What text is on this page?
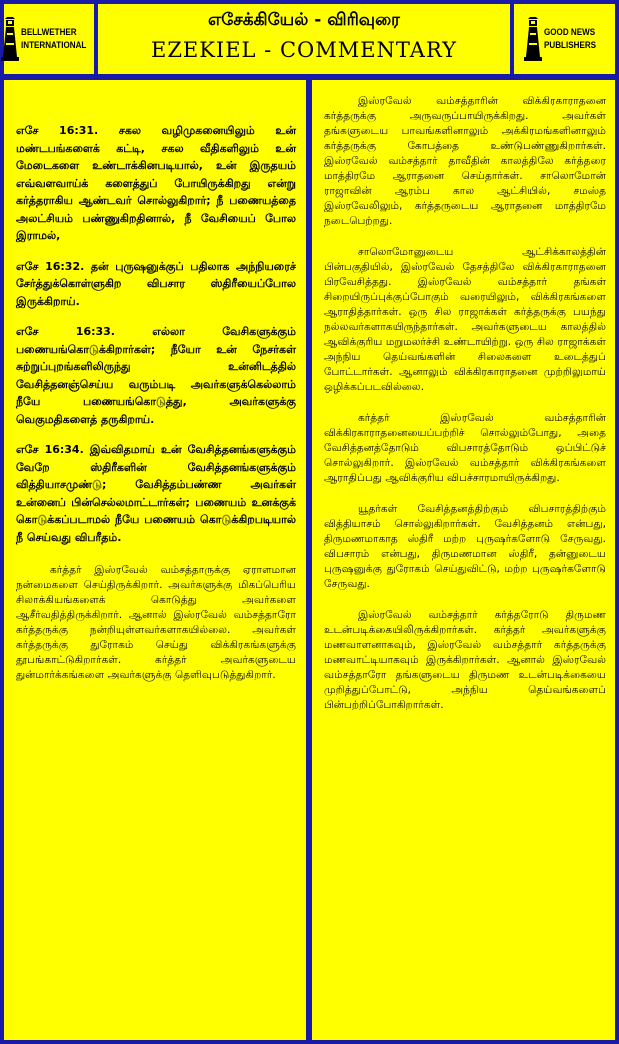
BELLWETHER
INTERNATIONAL
எசேக்கியேல் - விரிவுரை
EZEKIEL - COMMENTARY
GOOD NEWS
PUBLISHERS

எசே 16:31. சகல வழிமுகனையிலும் உன் மண்டபங்களைக் கட்டி, சகல வீதிகளிலும் உன் மேடைகளை உண்டாக்கினபடியால், உன் இருதயம் எவ்வளவாய்க் களைத்துப் போயிருக்கிறது என்று கர்த்தராகிய ஆண்டவர் சொல்லுகிறார்; நீ பணையத்தை அலட்சியம் பண்ணுகிறதினால், நீ வேசியைப் போல இராமல்,

எசே 16:32. தன் புருஷனுக்குப் பதிலாக அந்நியரைச் சேர்த்துக்கொள்ளுகிற விபசார ஸ்திரீயைப்போல இருக்கிறாய்.

எசே 16:33. எல்லா வேசிகளுக்கும் பணையங்கொடுக்கிறார்கள்; நீயோ உன் நேசர்கள் சுற்றுப்புறங்களிலிருந்து உன்னிடத்தில் வேசித்தனஞ்செய்ய வரும்படி அவர்களுக்கெல்லாம் நீயே பணையங்கொடுத்து, அவர்களுக்கு வெகுமதிகளைத் தருகிறாய்.

எசே 16:34. இவ்விதமாய் உன் வேசித்தனங்களுக்கும் வேறே ஸ்திரீகளின் வேசித்தனங்களுக்கும் வித்தியாசமுண்டு; வேசித்தம்பண்ண அவர்கள் உன்னைப் பின்செல்லமாட்டார்கள்; பணையம் உனக்குக் கொடுக்கப்படாமல் நீயே பணையம் கொடுக்கிறபடியால் நீ செய்வது விபரீதம்.

கர்த்தர் இஸ்ரவேல் வம்சத்தாருக்கு ஏராளமான நன்மைகளை செய்திருக்கிறார். அவர்களுக்கு மிகப்பெரிய சிலாக்கியங்களைக் கொடுத்து அவர்களை ஆசீர்வதித்திருக்கிறார். ஆனால் இஸ்ரவேல் வம்சத்தாரோ கர்த்தருக்கு நன்றியுள்ளவர்களாகயில்லை. அவர்கள் கர்த்தருக்கு துரோகம் செய்து விக்கிரகங்களுக்கு தூபங்காட்டுகிறார்கள். கர்த்தர் அவர்களுடைய துன்மார்க்கங்களை அவர்களுக்கு தெளிவுபடுத்துகிறார்.

இஸ்ரவேல் வம்சத்தாரின் விக்கிரகாராதனை கர்த்தருக்கு அருவருப்பாயிருக்கிறது. அவர்கள் தங்களுடைய பாவங்களினாலும் அக்கிரமங்களினாலும் கர்த்தருக்கு கோபத்தை உண்டுபண்ணுகிறார்கள். இஸ்ரவேல் வம்சத்தார் தாவீதின் காலத்திலே கர்த்தரை மாத்திரமே ஆராதனை செய்தார்கள். சாலொமோன் ராஜாவின் ஆரம்ப கால ஆட்சியில், சமஸ்த இஸ்ரவேலிலும், கர்த்தருடைய ஆராதனை மாத்திரமே நடைபெற்றது.

சாலொமோனுடைய ஆட்சிக்காலத்தின் பின்பகுதியில், இஸ்ரவேல் தேசத்திலே விக்கிரகாராதனை பிரவேசித்தது. இஸ்ரவேல் வம்சத்தார் தங்கள் சிறையிருப்புக்குப்போகும் வரையிலும், விக்கிரகங்களை ஆராதித்தார்கள். ஒரு சில ராஜாக்கள் கர்த்தருக்கு பயந்து நல்லவர்களாகயிருந்தார்கள். அவர்களுடைய காலத்தில் ஆவிக்குரிய மறுமலர்ச்சி உண்டாயிற்று. ஒரு சில ராஜாக்கள் அந்நிய தெய்வங்களின் சிலைகளை உடைத்துப் போட்டார்கள். ஆனாலும் விக்கிரகாராதனை முற்றிலுமாய் ஒழிக்கப்படவில்லை.

கர்த்தர் இஸ்ரவேல் வம்சத்தாரின் விக்கிரகாராதனையைப்பற்றிச் சொல்லும்போது, அதை வேசித்தனத்தோடும் விபசாரத்தோடும் ஒப்பிட்டுச் சொல்லுகிறார். இஸ்ரவேல் வம்சத்தார் விக்கிரகங்களை ஆராதிப்பது ஆவிக்குரிய விபச்சாரமாயிருக்கிறது.

யூதர்கள் வேசித்தனத்திற்கும் விபசாரத்திற்கும் வித்தியாசம் சொல்லுகிறார்கள். வேசித்தனம் என்பது, திருமணமாகாத ஸ்திரீ மற்ற புருஷர்களோடு சேருவது. விபசாரம் என்பது, திருமணமான ஸ்திரீ, தன்னுடைய புருஷனுக்கு துரோகம் செய்துவிட்டு, மற்ற புருஷர்களோடு சேருவது.

இஸ்ரவேல் வம்சத்தார் கர்த்தரோடு திருமண உடன்படிக்கையிலிருக்கிறார்கள். கர்த்தர் அவர்களுக்கு மணவாளனாகவும், இஸ்ரவேல் வம்சத்தார் கர்த்தருக்கு மணவாட்டியாகவும் இருக்கிறார்கள். ஆனால் இஸ்ரவேல் வம்சத்தாரோ தங்களுடைய திருமண உடன்படிக்கையை முறித்துப்போட்டு, அந்நிய தெய்வங்களைப் பின்பற்றிப்போகிறார்கள்.
